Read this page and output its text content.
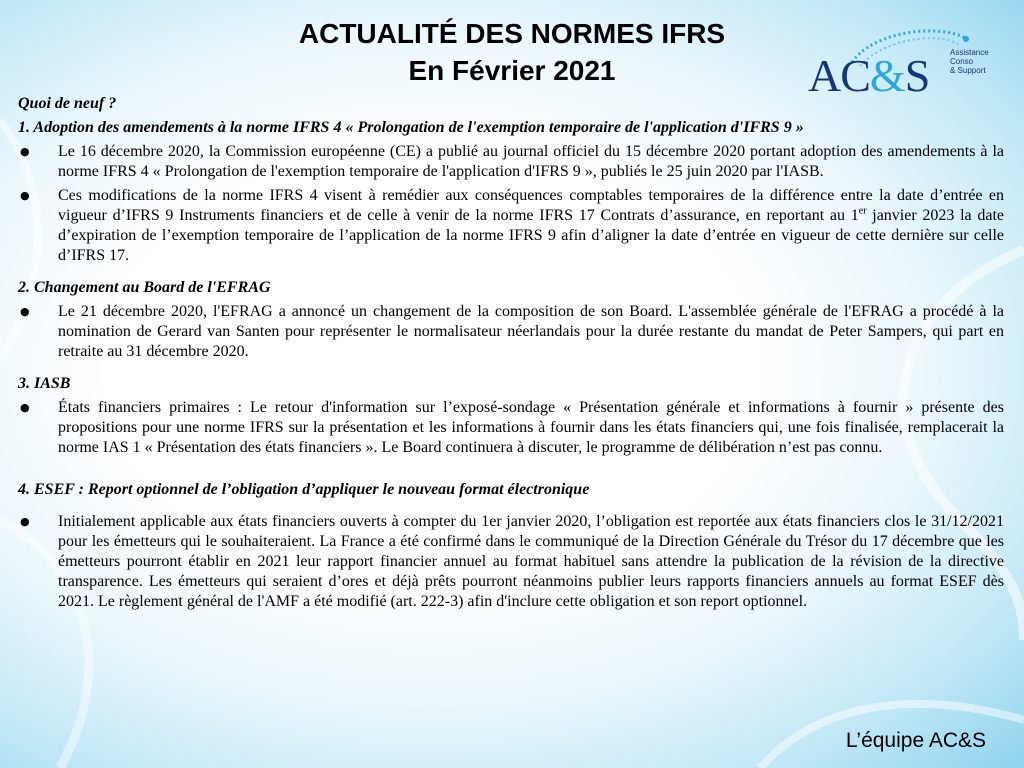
ACTUALITÉ DES NORMES IFRS
En Février 2021	AC&S	Assistance
Conso
& Support
Quoi de neuf ?
1. Adoption des amendements à la norme IFRS 4 « Prolongation de l'exemption temporaire de l'application d'IFRS 9 »
● Le 16 décembre 2020, la Commission européenne (CE) a publié au journal officiel du 15 décembre 2020 portant adoption des amendements à la norme IFRS 4 « Prolongation de l'exemption temporaire de l'application d'IFRS 9 », publiés le 25 juin 2020 par l'IASB.
● Ces modifications de la norme IFRS 4 visent à remédier aux conséquences comptables temporaires de la différence entre la date d’entrée en vigueur d’IFRS 9 Instruments financiers et de celle à venir de la norme IFRS 17 Contrats d’assurance, en reportant au 1er janvier 2023 la date d’expiration de l’exemption temporaire de l’application de la norme IFRS 9 afin d’aligner la date d’entrée en vigueur de cette dernière sur celle d’IFRS 17.
2. Changement au Board de l'EFRAG
● Le 21 décembre 2020, l'EFRAG a annoncé un changement de la composition de son Board. L'assemblée générale de l'EFRAG a procédé à la nomination de Gerard van Santen pour représenter le normalisateur néerlandais pour la durée restante du mandat de Peter Sampers, qui part en retraite au 31 décembre 2020.
3. IASB
● États financiers primaires : Le retour d'information sur l’exposé-sondage « Présentation générale et informations à fournir » présente des propositions pour une norme IFRS sur la présentation et les informations à fournir dans les états financiers qui, une fois finalisée, remplacerait la norme IAS 1 « Présentation des états financiers ». Le Board continuera à discuter, le programme de délibération n’est pas connu.
4. ESEF : Report optionnel de l’obligation d’appliquer le nouveau format électronique
● Initialement applicable aux états financiers ouverts à compter du 1er janvier 2020, l’obligation est reportée aux états financiers clos le 31/12/2021 pour les émetteurs qui le souhaiteraient. La France a été confirmé dans le communiqué de la Direction Générale du Trésor du 17 décembre que les émetteurs pourront établir en 2021 leur rapport financier annuel au format habituel sans attendre la publication de la révision de la directive transparence. Les émetteurs qui seraient d’ores et déjà prêts pourront néanmoins publier leurs rapports financiers annuels au format ESEF dès 2021. Le règlement général de l'AMF a été modifié (art. 222-3) afin d'inclure cette obligation et son report optionnel.
L’équipe AC&S
